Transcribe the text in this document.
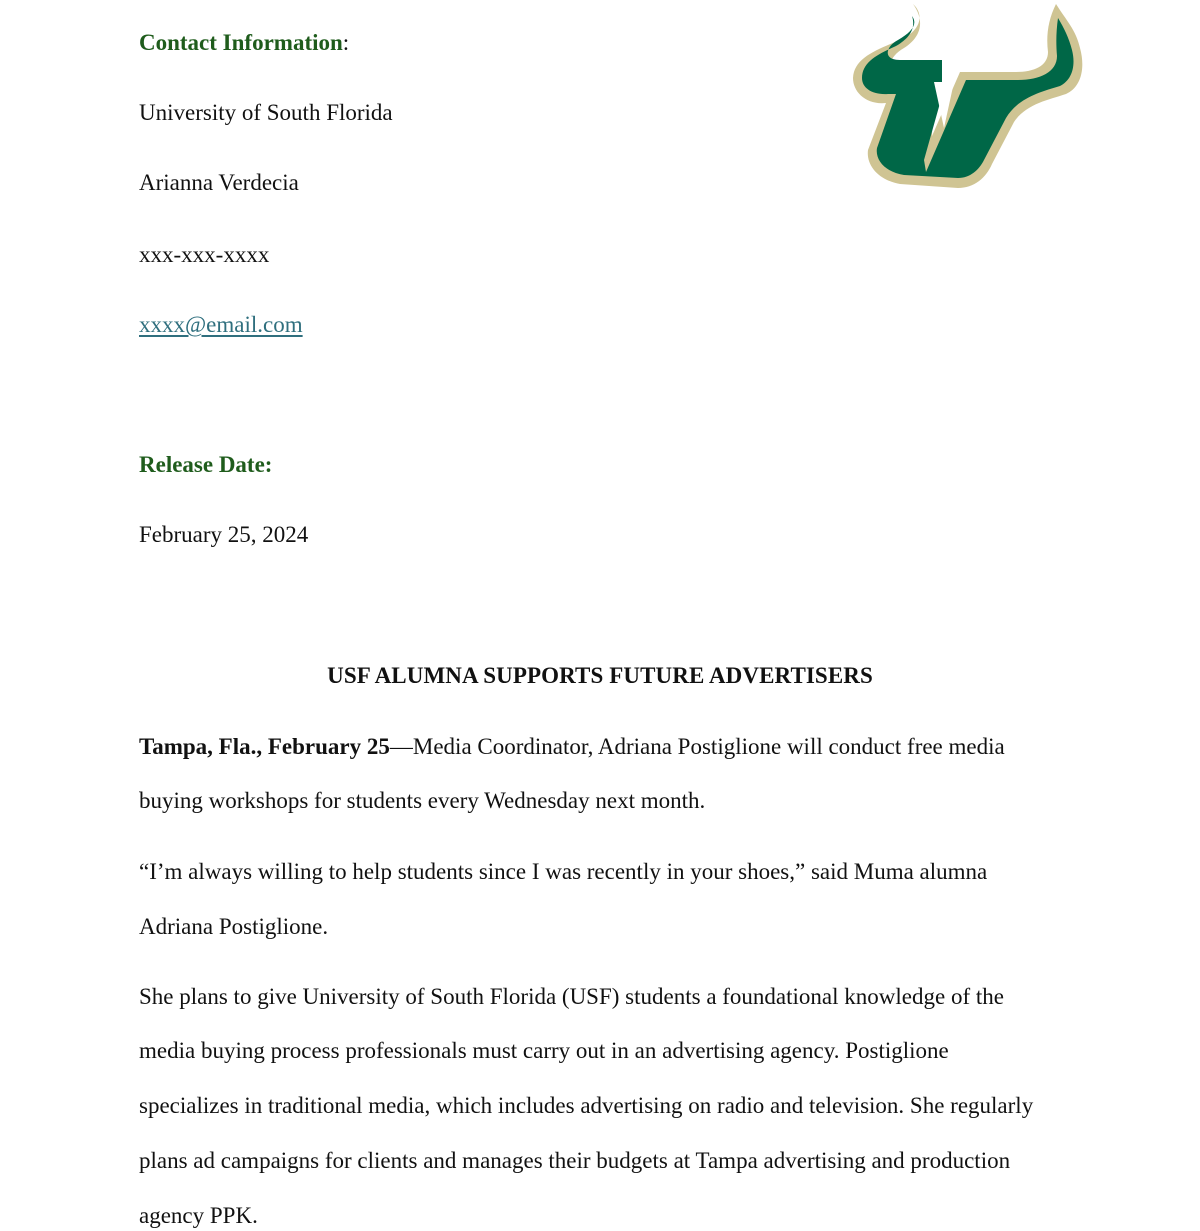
Contact Information:
University of South Florida
Arianna Verdecia
xxx-xxx-xxxx
xxxx@email.com
Release Date:
February 25, 2024
USF ALUMNA SUPPORTS FUTURE ADVERTISERS
Tampa, Fla., February 25—Media Coordinator, Adriana Postiglione will conduct free media
buying workshops for students every Wednesday next month.
“I’m always willing to help students since I was recently in your shoes,” said Muma alumna
Adriana Postiglione.
She plans to give University of South Florida (USF) students a foundational knowledge of the
media buying process professionals must carry out in an advertising agency. Postiglione
specializes in traditional media, which includes advertising on radio and television. She regularly
plans ad campaigns for clients and manages their budgets at Tampa advertising and production
agency PPK.
